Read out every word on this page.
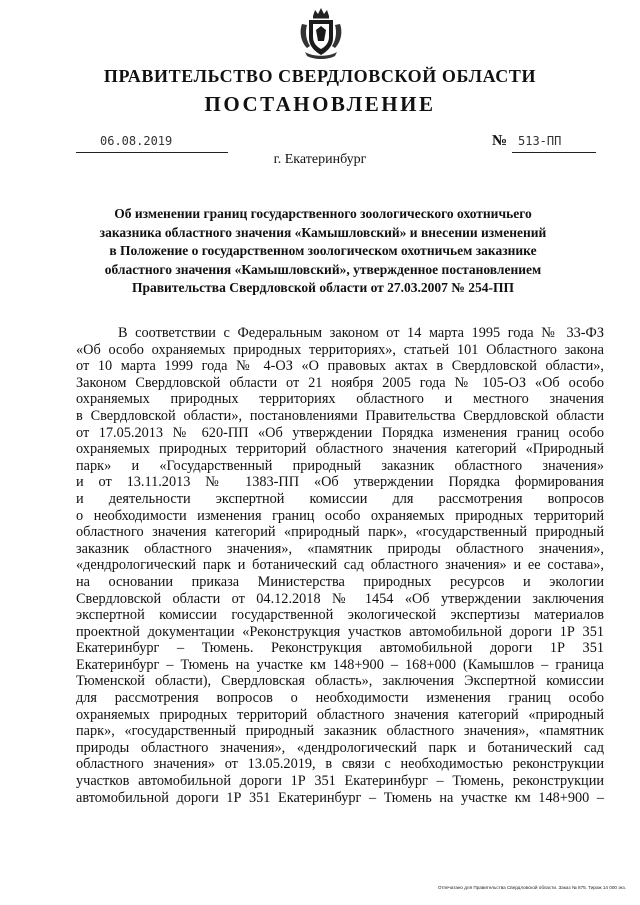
ПРАВИТЕЛЬСТВО СВЕРДЛОВСКОЙ ОБЛАСТИ
ПОСТАНОВЛЕНИЕ
06.08.2019	№ 513-ПП
г. Екатеринбург
Об изменении границ государственного зоологического охотничьего
заказника областного значения «Камышловский» и внесении изменений
в Положение о государственном зоологическом охотничьем заказнике
областного значения «Камышловский», утвержденное постановлением
Правительства Свердловской области от 27.03.2007 № 254-ПП
В соответствии с Федеральным законом от 14 марта 1995 года № 33-ФЗ
«Об особо охраняемых природных территориях», статьей 101 Областного закона
от 10 марта 1999 года № 4-ОЗ «О правовых актах в Свердловской области»,
Законом Свердловской области от 21 ноября 2005 года № 105-ОЗ «Об особо
охраняемых природных территориях областного и местного значения
в Свердловской области», постановлениями Правительства Свердловской области
от 17.05.2013 № 620-ПП «Об утверждении Порядка изменения границ особо
охраняемых природных территорий областного значения категорий «Природный
парк» и «Государственный природный заказник областного значения»
и от 13.11.2013 № 1383-ПП «Об утверждении Порядка формирования
и деятельности экспертной комиссии для рассмотрения вопросов
о необходимости изменения границ особо охраняемых природных территорий
областного значения категорий «природный парк», «государственный природный
заказник областного значения», «памятник природы областного значения»,
«дендрологический парк и ботанический сад областного значения» и ее состава»,
на основании приказа Министерства природных ресурсов и экологии
Свердловской области от 04.12.2018 № 1454 «Об утверждении заключения
экспертной комиссии государственной экологической экспертизы материалов
проектной документации «Реконструкция участков автомобильной дороги 1Р 351
Екатеринбург – Тюмень. Реконструкция автомобильной дороги 1Р 351
Екатеринбург – Тюмень на участке км 148+900 – 168+000 (Камышлов – граница
Тюменской области), Свердловская область», заключения Экспертной комиссии
для рассмотрения вопросов о необходимости изменения границ особо
охраняемых природных территорий областного значения категорий «природный
парк», «государственный природный заказник областного значения», «памятник
природы областного значения», «дендрологический парк и ботанический сад
областного значения» от 13.05.2019, в связи с необходимостью реконструкции
участков автомобильной дороги 1Р 351 Екатеринбург – Тюмень, реконструкции
автомобильной дороги 1Р 351 Екатеринбург – Тюмень на участке км 148+900 –
Отпечатано для Правительства Свердловской области. Заказ № 875. Тираж 14 000 экз.
